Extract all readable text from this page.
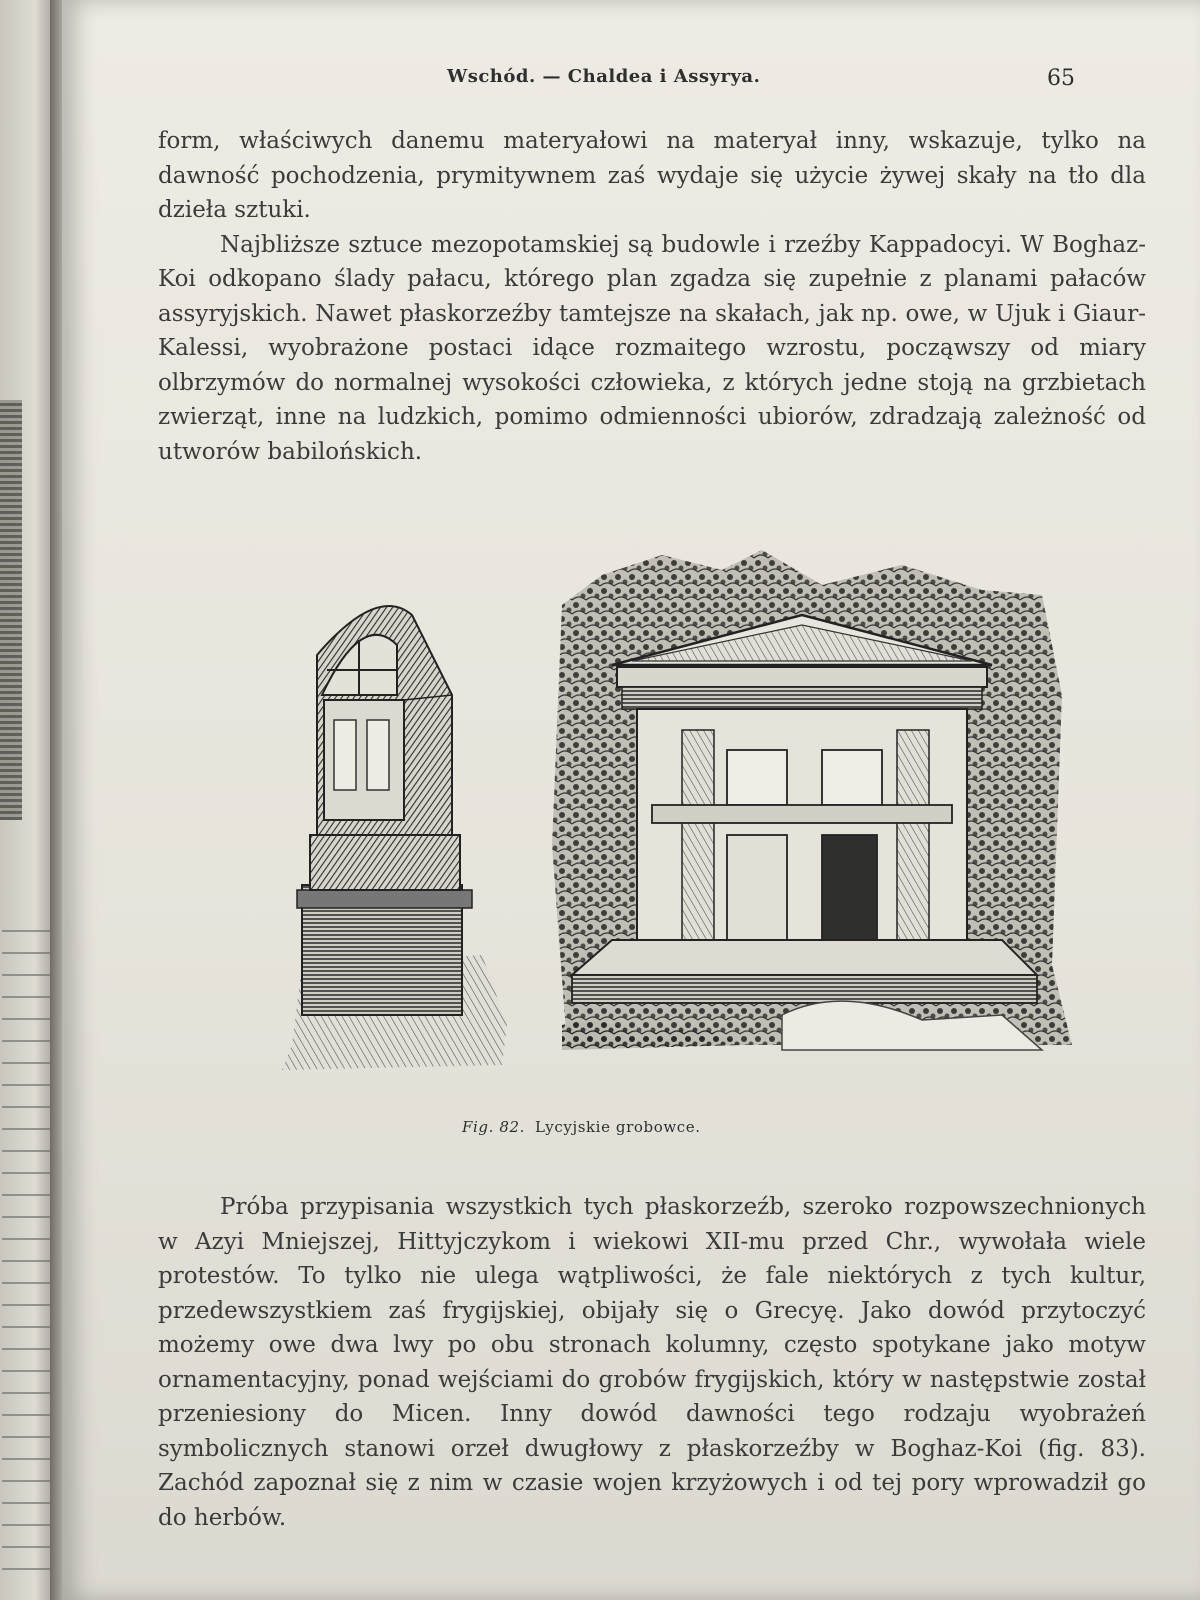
Wschód. — Chaldea i Assyrya.	65

form, właściwych danemu materyałowi na materyał inny, wskazuje, tylko na dawność pochodzenia, prymitywnem zaś wydaje się użycie żywej skały na tło dla dzieła sztuki.

Najbliższe sztuce mezopotamskiej są budowle i rzeźby Kappadocyi. W Boghaz-Koi odkopano ślady pałacu, którego plan zgadza się zupełnie z planami pałaców assyryjskich. Nawet płaskorzeźby tamtejsze na skałach, jak np. owe, w Ujuk i Giaur-Kalessi, wyobrażone postaci idące rozmaitego wzrostu, począwszy od miary olbrzymów do normalnej wysokości człowieka, z których jedne stoją na grzbietach zwierząt, inne na ludzkich, pomimo odmienności ubiorów, zdradzają zależność od utworów babilońskich.

Fig. 82. Lycyjskie grobowce.

Próba przypisania wszystkich tych płaskorzeźb, szeroko rozpowszechnionych w Azyi Mniejszej, Hittyjczykom i wiekowi XII-mu przed Chr., wywołała wiele protestów. To tylko nie ulega wątpliwości, że fale niektórych z tych kultur, przedewszystkiem zaś frygijskiej, obijały się o Grecyę. Jako dowód przytoczyć możemy owe dwa lwy po obu stronach kolumny, często spotykane jako motyw ornamentacyjny, ponad wejściami do grobów frygijskich, który w następstwie został przeniesiony do Micen. Inny dowód dawności tego rodzaju wyobrażeń symbolicznych stanowi orzeł dwugłowy z płaskorzeźby w Boghaz-Koi (fig. 83). Zachód zapoznał się z nim w czasie wojen krzyżowych i od tej pory wprowadził go do herbów.
